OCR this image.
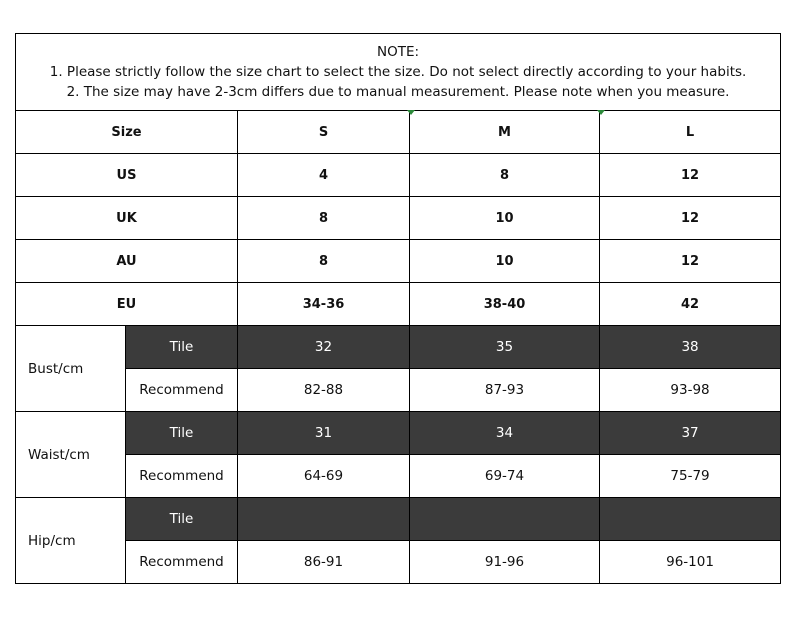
NOTE:
1. Please strictly follow the size chart to select the size. Do not select directly according to your habits.
2. The size may have 2-3cm differs due to manual measurement. Please note when you measure.				

Size		S	M	L
US		4	8	12
UK		8	10	12
AU		8	10	12
EU		34-36	38-40	42
Bust/cm	Tile	32	35	38
	Recommend	82-88	87-93	93-98
Waist/cm	Tile	31	34	37
	Recommend	64-69	69-74	75-79
Hip/cm	Tile			
	Recommend	86-91	91-96	96-101
